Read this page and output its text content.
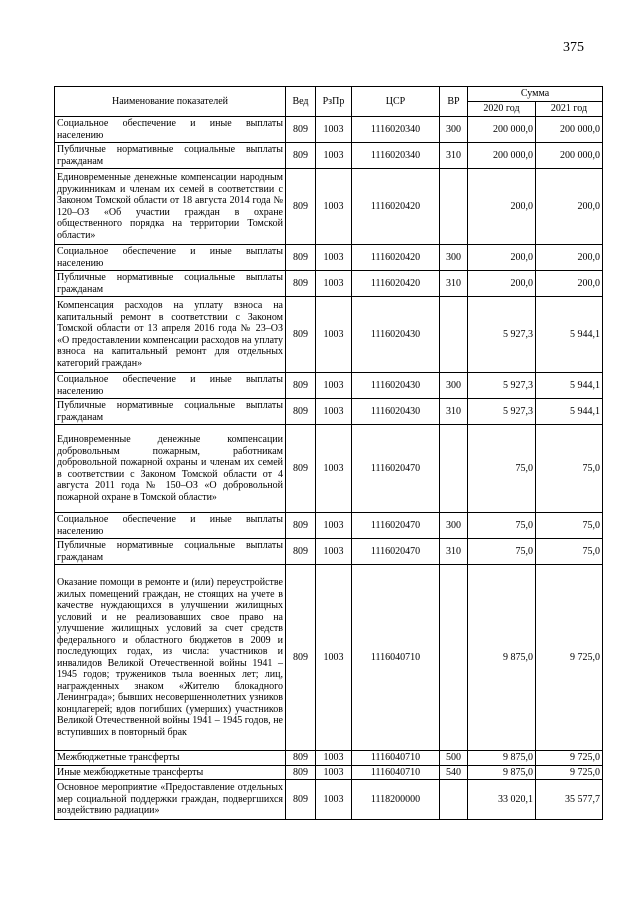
375
Наименование показателей	Вед	РзПр	ЦСР	ВР	Сумма	
					2020 год	2021 год
Социальное обеспечение и иные выплаты населению	809	1003	1116020340	300	200 000,0	200 000,0
Публичные нормативные социальные выплаты гражданам	809	1003	1116020340	310	200 000,0	200 000,0
Единовременные денежные компенсации народным дружинникам и членам их семей в соответствии с Законом Томской области от 18 августа 2014 года № 120–ОЗ «Об участии граждан в охране общественного порядка на территории Томской области»	809	1003	1116020420		200,0	200,0
Социальное обеспечение и иные выплаты населению	809	1003	1116020420	300	200,0	200,0
Публичные нормативные социальные выплаты гражданам	809	1003	1116020420	310	200,0	200,0
Компенсация расходов на уплату взноса на капитальный ремонт в соответствии с Законом Томской области от 13 апреля 2016 года № 23–ОЗ «О предоставлении компенсации расходов на уплату взноса на капитальный ремонт для отдельных категорий граждан»	809	1003	1116020430		5 927,3	5 944,1
Социальное обеспечение и иные выплаты населению	809	1003	1116020430	300	5 927,3	5 944,1
Публичные нормативные социальные выплаты гражданам	809	1003	1116020430	310	5 927,3	5 944,1
Единовременные денежные компенсации добровольным пожарным, работникам добровольной пожарной охраны и членам их семей в соответствии с Законом Томской области от 4 августа 2011 года № 150–ОЗ «О добровольной пожарной охране в Томской области»	809	1003	1116020470		75,0	75,0
Социальное обеспечение и иные выплаты населению	809	1003	1116020470	300	75,0	75,0
Публичные нормативные социальные выплаты гражданам	809	1003	1116020470	310	75,0	75,0
Оказание помощи в ремонте и (или) переустройстве жилых помещений граждан, не стоящих на учете в качестве нуждающихся в улучшении жилищных условий и не реализовавших свое право на улучшение жилищных условий за счет средств федерального и областного бюджетов в 2009 и последующих годах, из числа: участников и инвалидов Великой Отечественной войны 1941 – 1945 годов; тружеников тыла военных лет; лиц, награжденных знаком «Жителю блокадного Ленинграда»; бывших несовершеннолетних узников концлагерей; вдов погибших (умерших) участников Великой Отечественной войны 1941 – 1945 годов, не вступивших в повторный брак	809	1003	1116040710		9 875,0	9 725,0
Межбюджетные трансферты	809	1003	1116040710	500	9 875,0	9 725,0
Иные межбюджетные трансферты	809	1003	1116040710	540	9 875,0	9 725,0
Основное мероприятие «Предоставление отдельных мер социальной поддержки граждан, подвергшихся воздействию радиации»	809	1003	1118200000		33 020,1	35 577,7
